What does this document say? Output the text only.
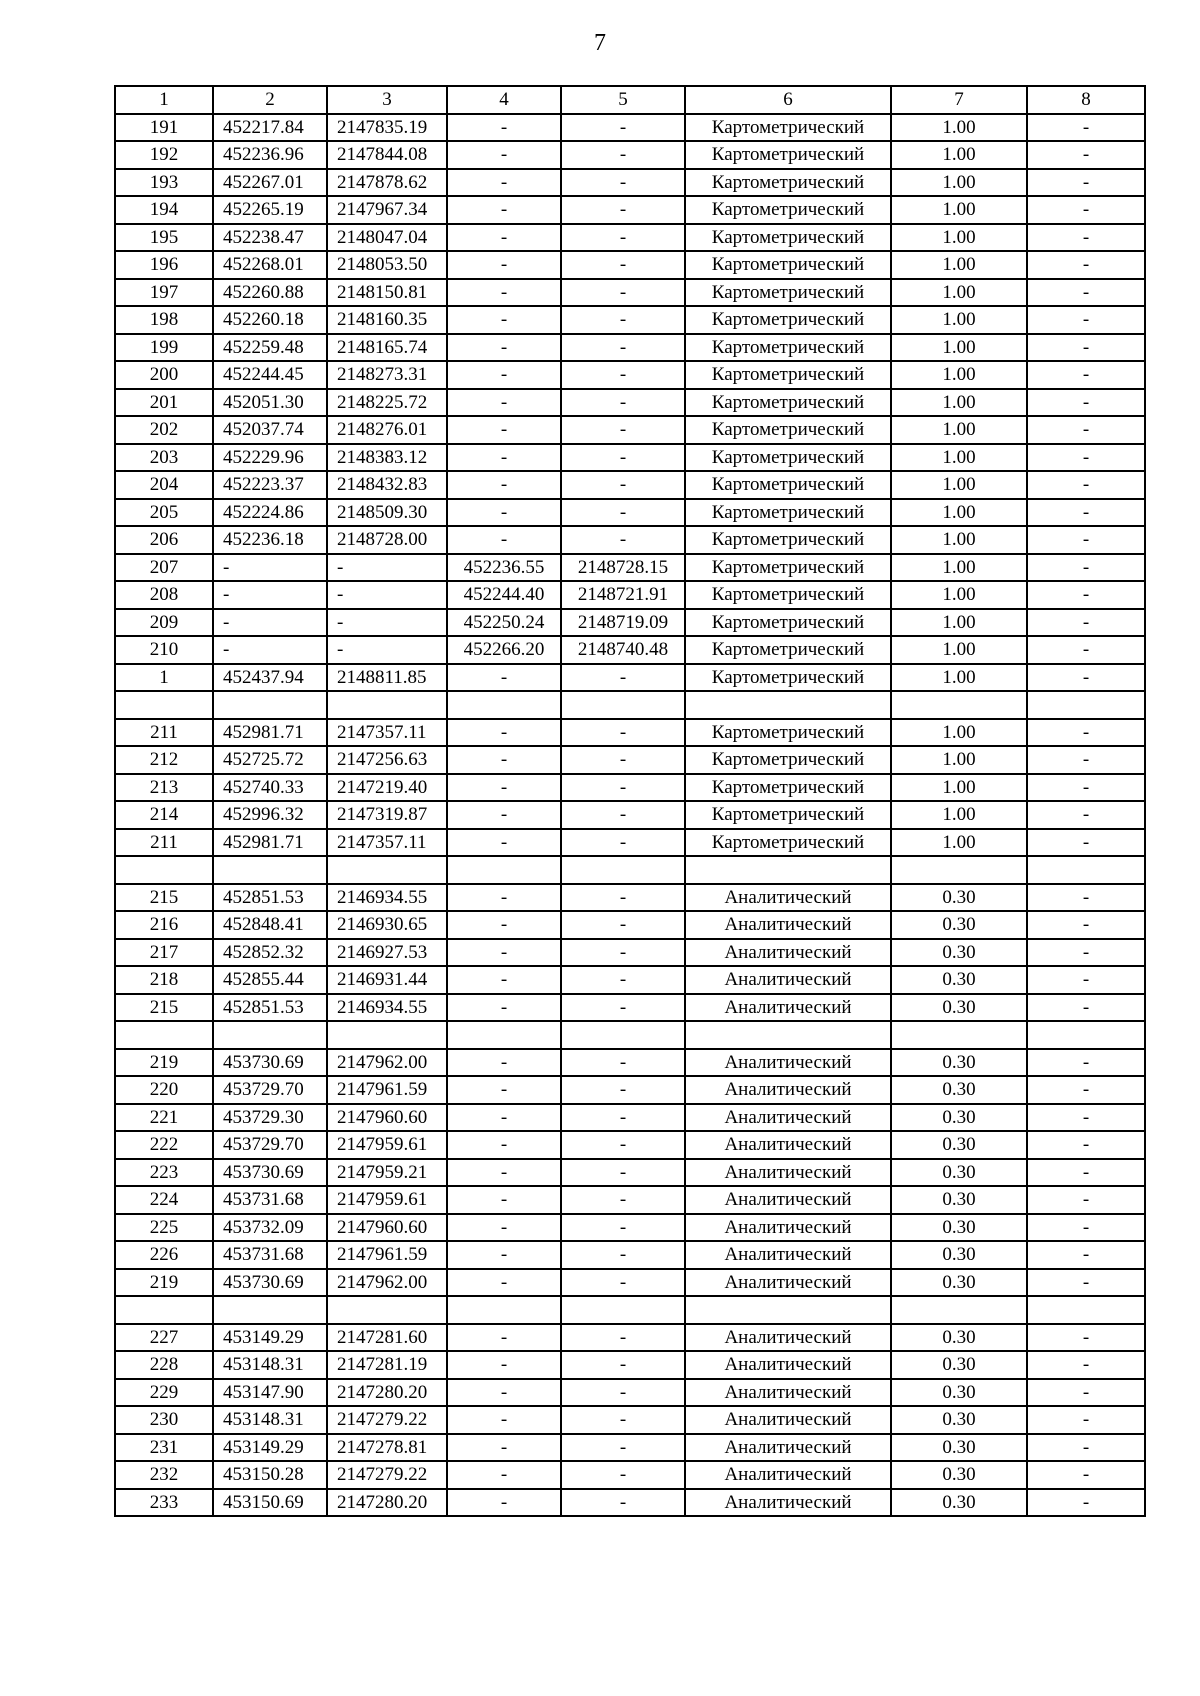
7
1	2	3	4	5	6	7	8
191	452217.84	2147835.19	-	-	Картометрический	1.00	-
192	452236.96	2147844.08	-	-	Картометрический	1.00	-
193	452267.01	2147878.62	-	-	Картометрический	1.00	-
194	452265.19	2147967.34	-	-	Картометрический	1.00	-
195	452238.47	2148047.04	-	-	Картометрический	1.00	-
196	452268.01	2148053.50	-	-	Картометрический	1.00	-
197	452260.88	2148150.81	-	-	Картометрический	1.00	-
198	452260.18	2148160.35	-	-	Картометрический	1.00	-
199	452259.48	2148165.74	-	-	Картометрический	1.00	-
200	452244.45	2148273.31	-	-	Картометрический	1.00	-
201	452051.30	2148225.72	-	-	Картометрический	1.00	-
202	452037.74	2148276.01	-	-	Картометрический	1.00	-
203	452229.96	2148383.12	-	-	Картометрический	1.00	-
204	452223.37	2148432.83	-	-	Картометрический	1.00	-
205	452224.86	2148509.30	-	-	Картометрический	1.00	-
206	452236.18	2148728.00	-	-	Картометрический	1.00	-
207	-	-	452236.55	2148728.15	Картометрический	1.00	-
208	-	-	452244.40	2148721.91	Картометрический	1.00	-
209	-	-	452250.24	2148719.09	Картометрический	1.00	-
210	-	-	452266.20	2148740.48	Картометрический	1.00	-
1	452437.94	2148811.85	-	-	Картометрический	1.00	-

211	452981.71	2147357.11	-	-	Картометрический	1.00	-
212	452725.72	2147256.63	-	-	Картометрический	1.00	-
213	452740.33	2147219.40	-	-	Картометрический	1.00	-
214	452996.32	2147319.87	-	-	Картометрический	1.00	-
211	452981.71	2147357.11	-	-	Картометрический	1.00	-

215	452851.53	2146934.55	-	-	Аналитический	0.30	-
216	452848.41	2146930.65	-	-	Аналитический	0.30	-
217	452852.32	2146927.53	-	-	Аналитический	0.30	-
218	452855.44	2146931.44	-	-	Аналитический	0.30	-
215	452851.53	2146934.55	-	-	Аналитический	0.30	-

219	453730.69	2147962.00	-	-	Аналитический	0.30	-
220	453729.70	2147961.59	-	-	Аналитический	0.30	-
221	453729.30	2147960.60	-	-	Аналитический	0.30	-
222	453729.70	2147959.61	-	-	Аналитический	0.30	-
223	453730.69	2147959.21	-	-	Аналитический	0.30	-
224	453731.68	2147959.61	-	-	Аналитический	0.30	-
225	453732.09	2147960.60	-	-	Аналитический	0.30	-
226	453731.68	2147961.59	-	-	Аналитический	0.30	-
219	453730.69	2147962.00	-	-	Аналитический	0.30	-

227	453149.29	2147281.60	-	-	Аналитический	0.30	-
228	453148.31	2147281.19	-	-	Аналитический	0.30	-
229	453147.90	2147280.20	-	-	Аналитический	0.30	-
230	453148.31	2147279.22	-	-	Аналитический	0.30	-
231	453149.29	2147278.81	-	-	Аналитический	0.30	-
232	453150.28	2147279.22	-	-	Аналитический	0.30	-
233	453150.69	2147280.20	-	-	Аналитический	0.30	-
